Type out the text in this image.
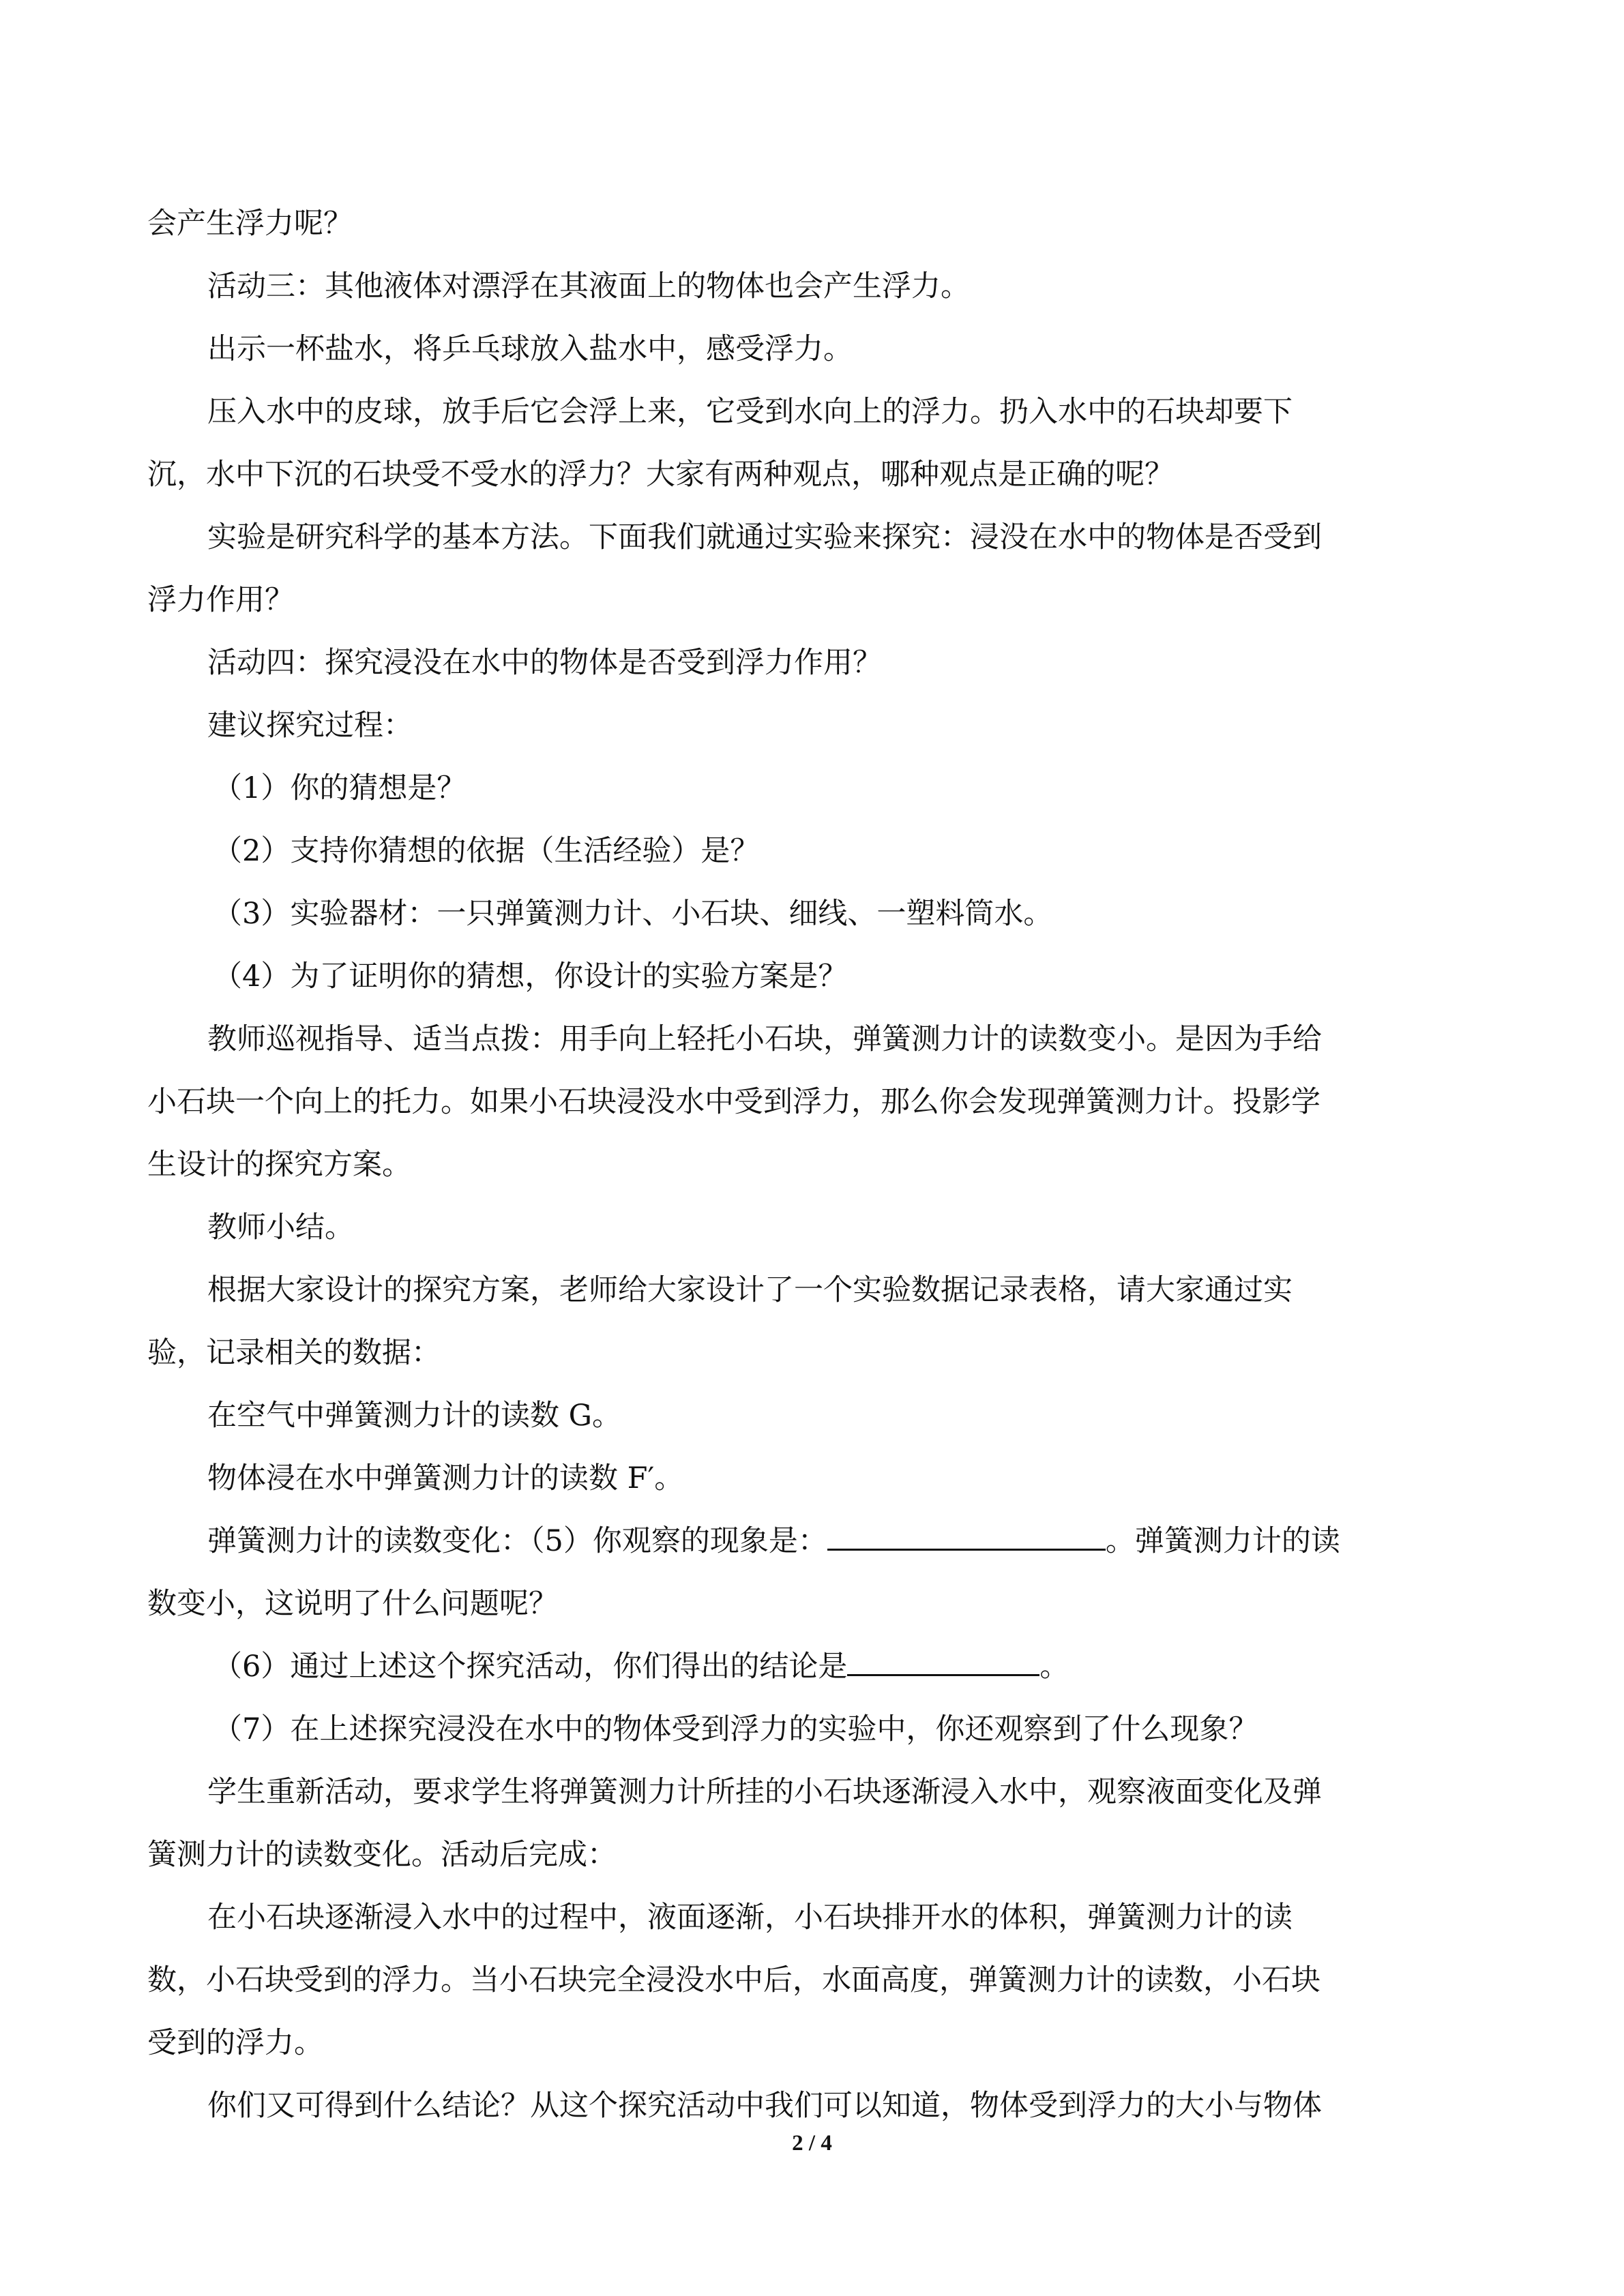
会产生浮力呢？
活动三：其他液体对漂浮在其液面上的物体也会产生浮力。
出示一杯盐水，将乒乓球放入盐水中，感受浮力。
压入水中的皮球，放手后它会浮上来，它受到水向上的浮力。扔入水中的石块却要下
沉，水中下沉的石块受不受水的浮力？大家有两种观点，哪种观点是正确的呢？
实验是研究科学的基本方法。下面我们就通过实验来探究：浸没在水中的物体是否受到
浮力作用？
活动四：探究浸没在水中的物体是否受到浮力作用？
建议探究过程：
（1）你的猜想是？
（2）支持你猜想的依据（生活经验）是？
（3）实验器材：一只弹簧测力计、小石块、细线、一塑料筒水。
（4）为了证明你的猜想，你设计的实验方案是？
教师巡视指导、适当点拨：用手向上轻托小石块，弹簧测力计的读数变小。是因为手给
小石块一个向上的托力。如果小石块浸没水中受到浮力，那么你会发现弹簧测力计。投影学
生设计的探究方案。
教师小结。
根据大家设计的探究方案，老师给大家设计了一个实验数据记录表格，请大家通过实
验，记录相关的数据：
在空气中弹簧测力计的读数 G。
物体浸在水中弹簧测力计的读数 F′。
弹簧测力计的读数变化：（5）你观察的现象是：	。弹簧测力计的读
数变小，这说明了什么问题呢？
（6）通过上述这个探究活动，你们得出的结论是	。
（7）在上述探究浸没在水中的物体受到浮力的实验中，你还观察到了什么现象？
学生重新活动，要求学生将弹簧测力计所挂的小石块逐渐浸入水中，观察液面变化及弹
簧测力计的读数变化。活动后完成：
在小石块逐渐浸入水中的过程中，液面逐渐，小石块排开水的体积，弹簧测力计的读
数，小石块受到的浮力。当小石块完全浸没水中后，水面高度，弹簧测力计的读数，小石块
受到的浮力。
你们又可得到什么结论？从这个探究活动中我们可以知道，物体受到浮力的大小与物体
2 / 4
